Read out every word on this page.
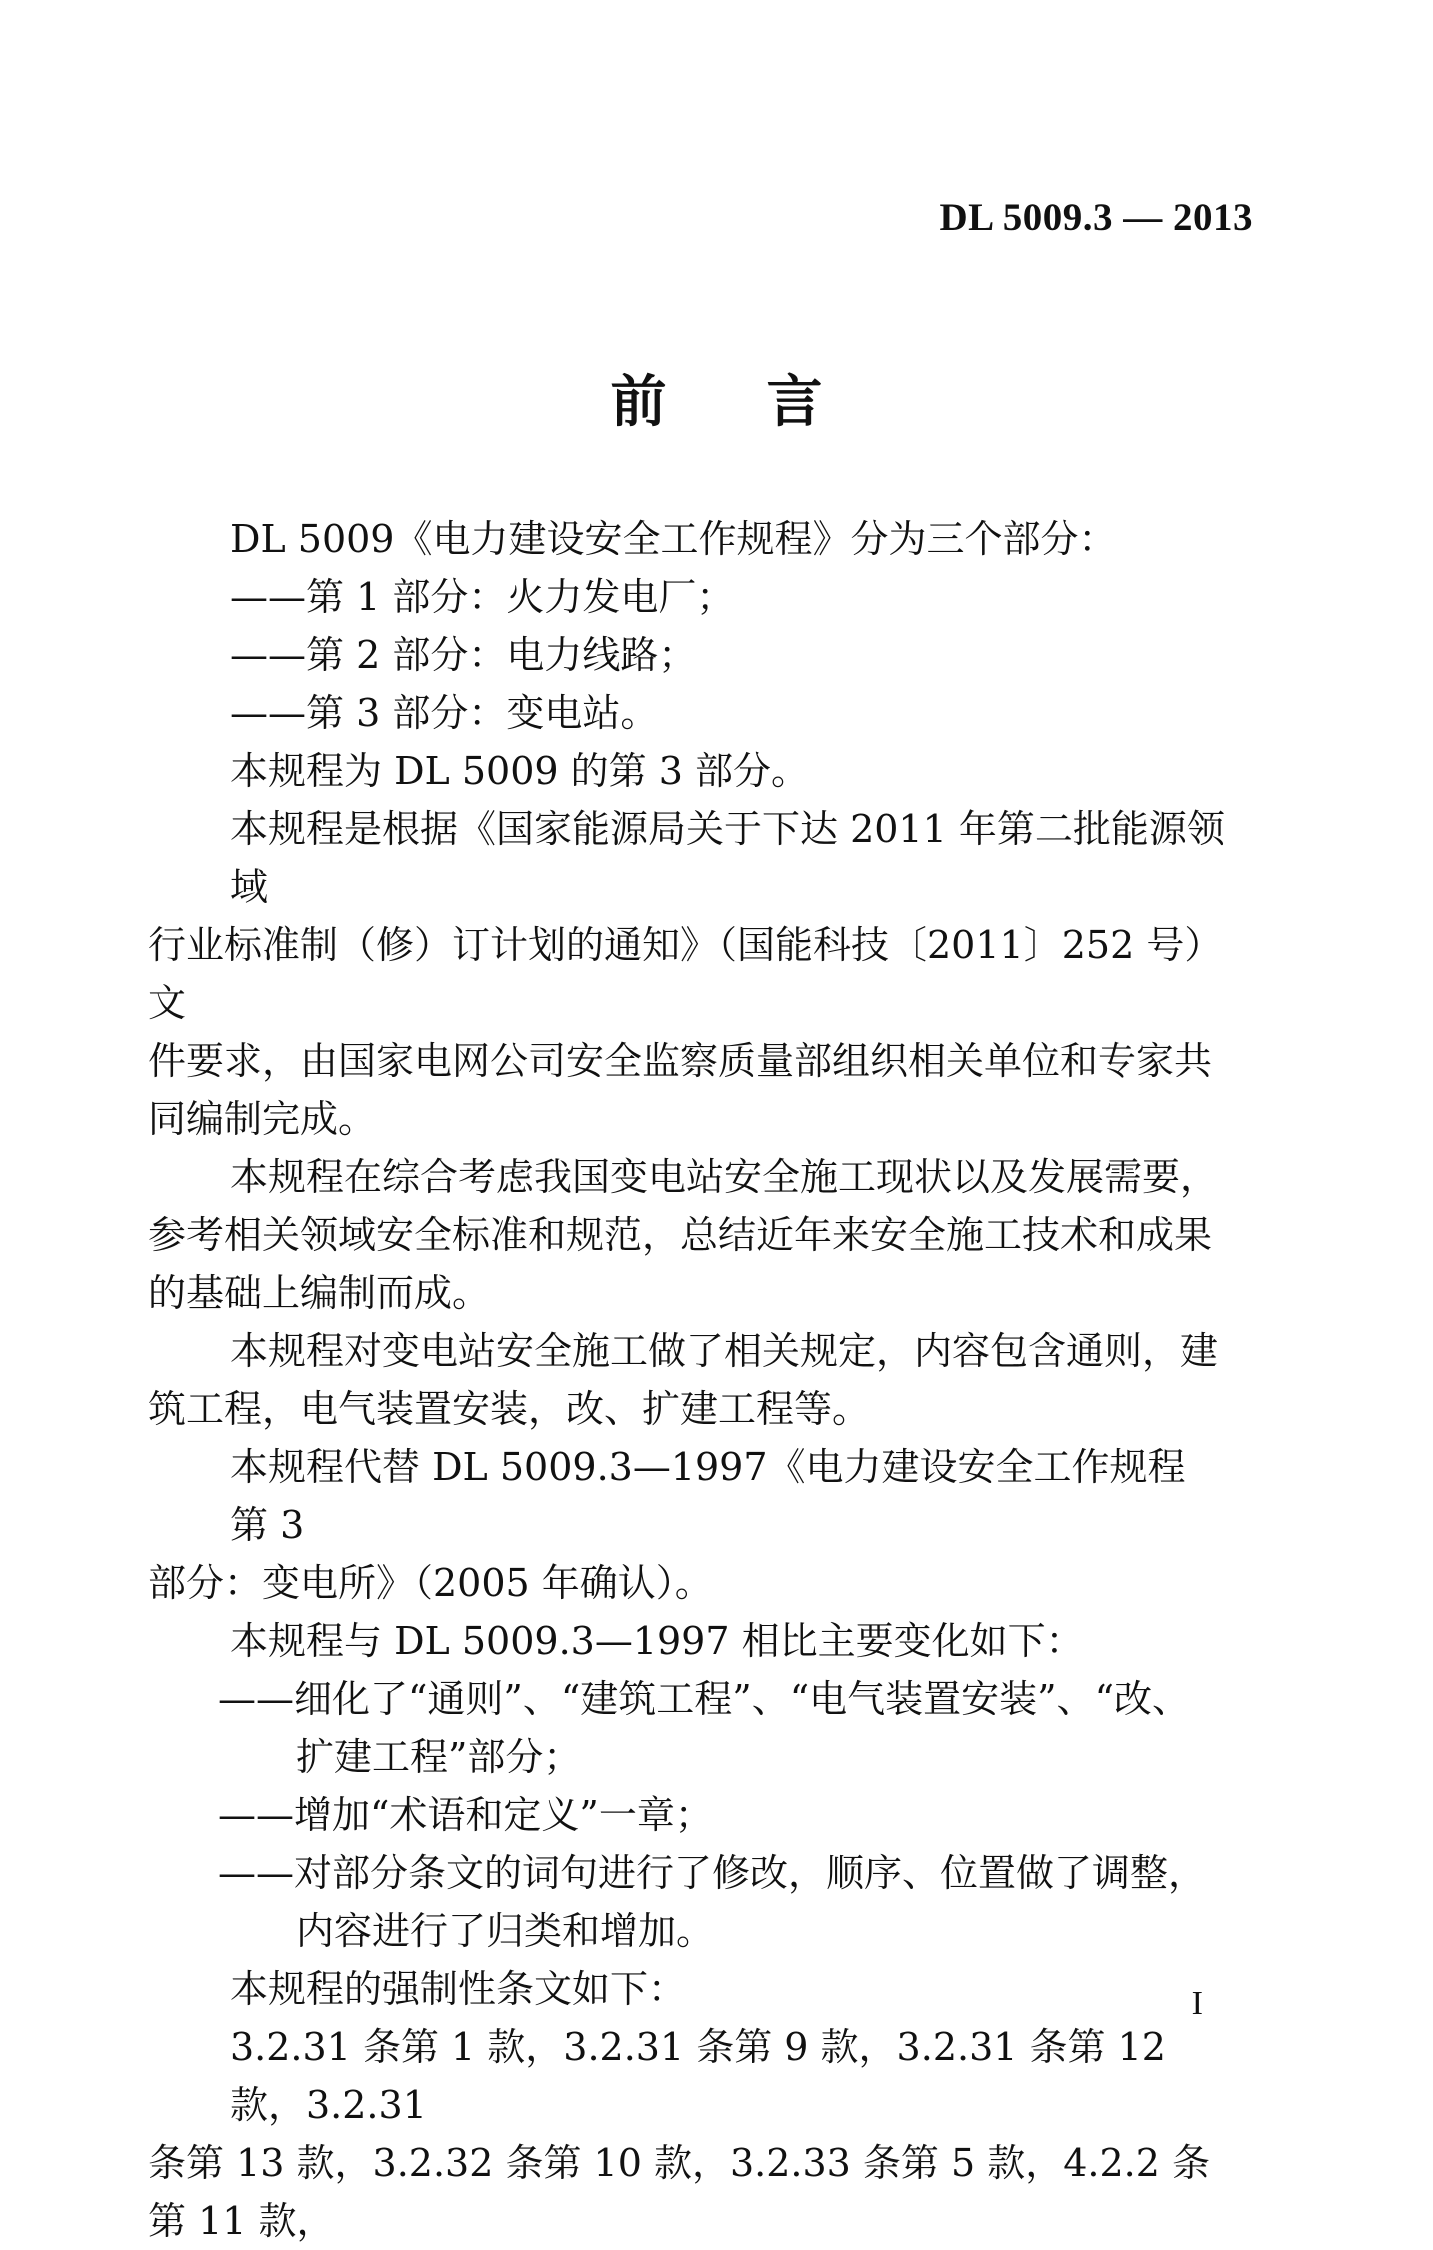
DL 5009.3 — 2013
前 言

DL 5009《电力建设安全工作规程》分为三个部分：

——第 1 部分：火力发电厂；

——第 2 部分：电力线路；

——第 3 部分：变电站。

本规程为 DL 5009 的第 3 部分。

本规程是根据《国家能源局关于下达 2011 年第二批能源领域

行业标准制（修）订计划的通知》（国能科技〔2011〕252 号）文

件要求，由国家电网公司安全监察质量部组织相关单位和专家共

同编制完成。

本规程在综合考虑我国变电站安全施工现状以及发展需要，

参考相关领域安全标准和规范，总结近年来安全施工技术和成果

的基础上编制而成。

本规程对变电站安全施工做了相关规定，内容包含通则，建

筑工程，电气装置安装，改、扩建工程等。

本规程代替 DL 5009.3—1997《电力建设安全工作规程　第 3

部分：变电所》（2005 年确认）。

本规程与 DL 5009.3—1997 相比主要变化如下：

——细化了“通则”、“建筑工程”、“电气装置安装”、“改、

扩建工程”部分；

——增加“术语和定义”一章；

——对部分条文的词句进行了修改，顺序、位置做了调整，

内容进行了归类和增加。

本规程的强制性条文如下：

3.2.31 条第 1 款，3.2.31 条第 9 款，3.2.31 条第 12 款，3.2.31

条第 13 款，3.2.32 条第 10 款，3.2.33 条第 5 款，4.2.2 条第 11 款，

I
